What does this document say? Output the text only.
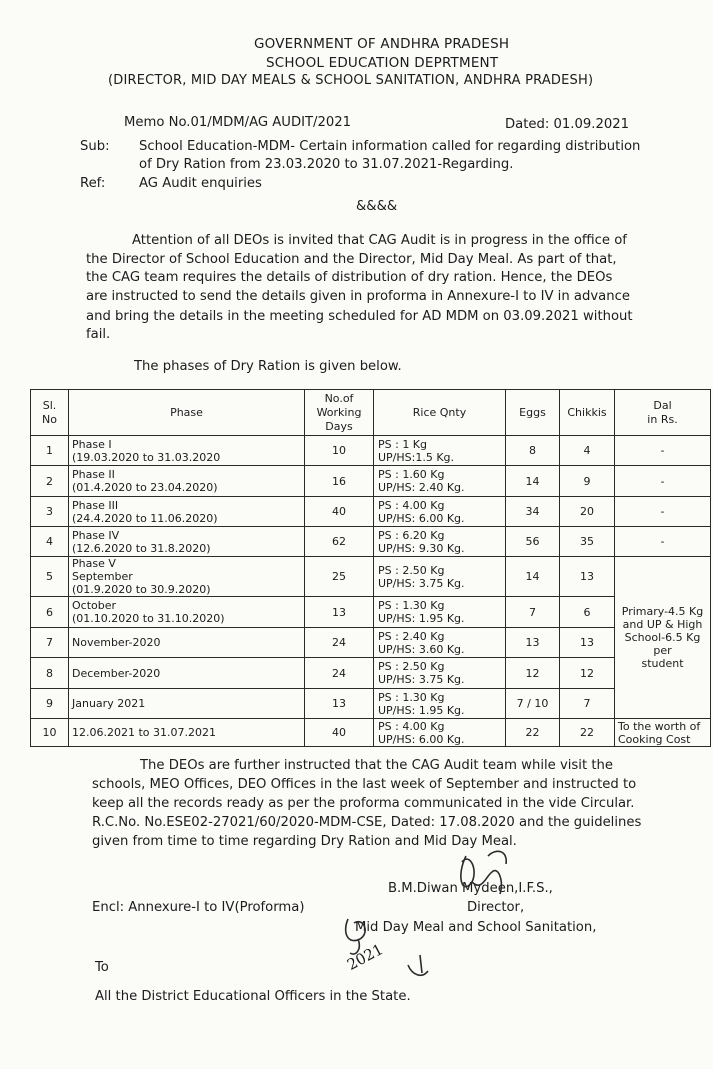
GOVERNMENT OF ANDHRA PRADESH
SCHOOL EDUCATION DEPRTMENT
(DIRECTOR, MID DAY MEALS & SCHOOL SANITATION, ANDHRA PRADESH)
Memo No.01/MDM/AG AUDIT/2021	Dated: 01.09.2021
Sub: School Education-MDM- Certain information called for regarding distribution
of Dry Ration from 23.03.2020 to 31.07.2021-Regarding.
Ref:	AG Audit enquiries
&&&&
Attention of all DEOs is invited that CAG Audit is in progress in the office of
the Director of School Education and the Director, Mid Day Meal. As part of that,
the CAG team requires the details of distribution of dry ration. Hence, the DEOs
are instructed to send the details given in proforma in Annexure-I to IV in advance
and bring the details in the meeting scheduled for AD MDM on 03.09.2021 without
fail.
The phases of Dry Ration is given below.
Sl.
No	Phase	No.of
Working
Days	Rice Qnty	Eggs	Chikkis	Dal
in Rs.
1	Phase I
(19.03.2020 to 31.03.2020	10	PS : 1 Kg
UP/HS:1.5 Kg.	8	4	-
2	Phase II
(01.4.2020 to 23.04.2020)	16	PS : 1.60 Kg
UP/HS: 2.40 Kg.	14	9	-
3	Phase III
(24.4.2020 to 11.06.2020)	40	PS : 4.00 Kg
UP/HS: 6.00 Kg.	34	20	-
4	Phase IV
(12.6.2020 to 31.8.2020)	62	PS : 6.20 Kg
UP/HS: 9.30 Kg.	56	35	-
5	Phase V
September
(01.9.2020 to 30.9.2020)	25	PS : 2.50 Kg
UP/HS: 3.75 Kg.	14	13	Primary-4.5 Kg
and UP & High
School-6.5 Kg per
student
6	October
(01.10.2020 to 31.10.2020)	13	PS : 1.30 Kg
UP/HS: 1.95 Kg.	7	6	
7	November-2020	24	PS : 2.40 Kg
UP/HS: 3.60 Kg.	13	13	
8	December-2020	24	PS : 2.50 Kg
UP/HS: 3.75 Kg.	12	12	
9	January 2021	13	PS : 1.30 Kg
UP/HS: 1.95 Kg.	7 / 10	7	
10	12.06.2021 to 31.07.2021	40	PS : 4.00 Kg
UP/HS: 6.00 Kg.	22	22	To the worth of
Cooking Cost
The DEOs are further instructed that the CAG Audit team while visit the
schools, MEO Offices, DEO Offices in the last week of September and instructed to
keep all the records ready as per the proforma communicated in the vide Circular.
R.C.No. No.ESE02-27021/60/2020-MDM-CSE, Dated: 17.08.2020 and the guidelines
given from time to time regarding Dry Ration and Mid Day Meal.
B.M.Diwan Mydeen,I.F.S.,
Director,
Mid Day Meal and School Sanitation,
Encl: Annexure-I to IV(Proforma)
2021
To
All the District Educational Officers in the State.
